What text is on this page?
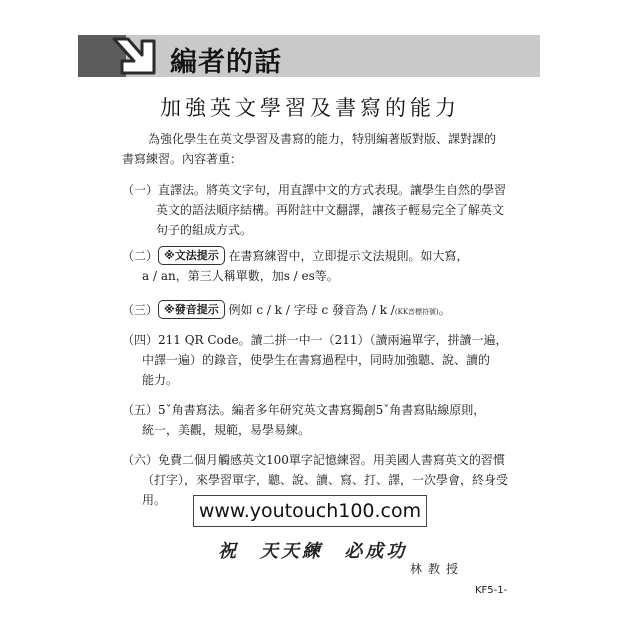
編者的話
加強英文學習及書寫的能力
為強化學生在英文學習及書寫的能力，特別編著版對版、課對課的
書寫練習。內容著重：
（一）直譯法。將英文字句，用直譯中文的方式表現。讓學生自然的學習
英文的語法順序結構。再附註中文翻譯，讓孩子輕易完全了解英文
句子的組成方式。
（二） ※文法提示 在書寫練習中，立即提示文法規則。如大寫，
a / an，第三人稱單數，加s / es等。
（三） ※發音提示 例如 c / k / 字母 c 發音為 / k /(KK音標符號)。
（四）211 QR Code。讀二拼一中一（211）（讀兩遍單字，拼讀一遍，
中譯一遍）的錄音，使學生在書寫過程中，同時加強聽、說、讀的
能力。
（五）5ˇ角書寫法。編者多年研究英文書寫獨創5ˇ角書寫貼線原則，
統一，美觀，規範，易學易練。
（六）免費二個月觸感英文100單字記憶練習。用美國人書寫英文的習慣
（打字），來學習單字，聽、說、讀、寫、打、譯，一次學會，終身受
用。	www.youtouch100.com
祝　天天練 必成功
林教授
KF5-1-
